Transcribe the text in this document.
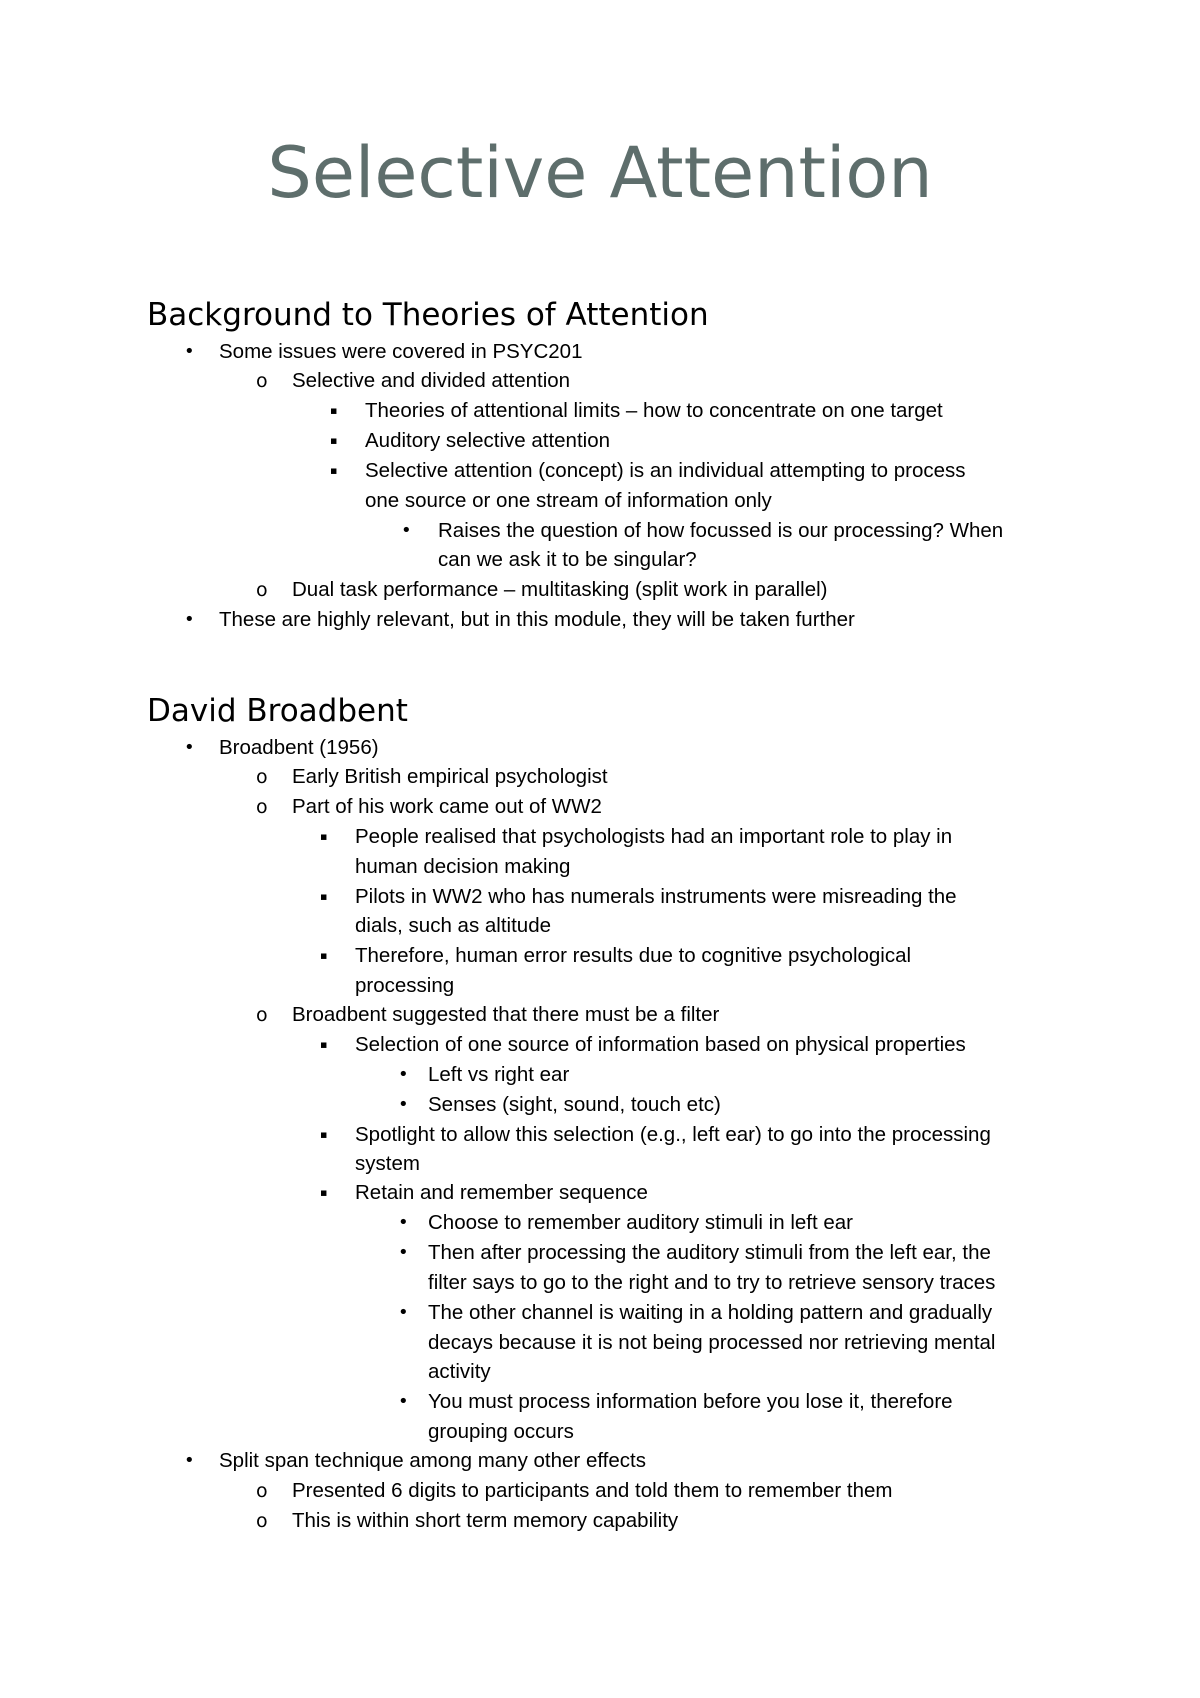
Selective Attention
Background to Theories of Attention
• Some issues were covered in PSYC201
o Selective and divided attention
▪ Theories of attentional limits – how to concentrate on one target
▪ Auditory selective attention
▪ Selective attention (concept) is an individual attempting to process
one source or one stream of information only
• Raises the question of how focussed is our processing? When
can we ask it to be singular?
o Dual task performance – multitasking (split work in parallel)
• These are highly relevant, but in this module, they will be taken further
David Broadbent
• Broadbent (1956)
o Early British empirical psychologist
o Part of his work came out of WW2
▪ People realised that psychologists had an important role to play in
human decision making
▪ Pilots in WW2 who has numerals instruments were misreading the
dials, such as altitude
▪ Therefore, human error results due to cognitive psychological
processing
o Broadbent suggested that there must be a filter
▪ Selection of one source of information based on physical properties
• Left vs right ear
• Senses (sight, sound, touch etc)
▪ Spotlight to allow this selection (e.g., left ear) to go into the processing
system
▪ Retain and remember sequence
• Choose to remember auditory stimuli in left ear
• Then after processing the auditory stimuli from the left ear, the
filter says to go to the right and to try to retrieve sensory traces
• The other channel is waiting in a holding pattern and gradually
decays because it is not being processed nor retrieving mental
activity
• You must process information before you lose it, therefore
grouping occurs
• Split span technique among many other effects
o Presented 6 digits to participants and told them to remember them
o This is within short term memory capability
